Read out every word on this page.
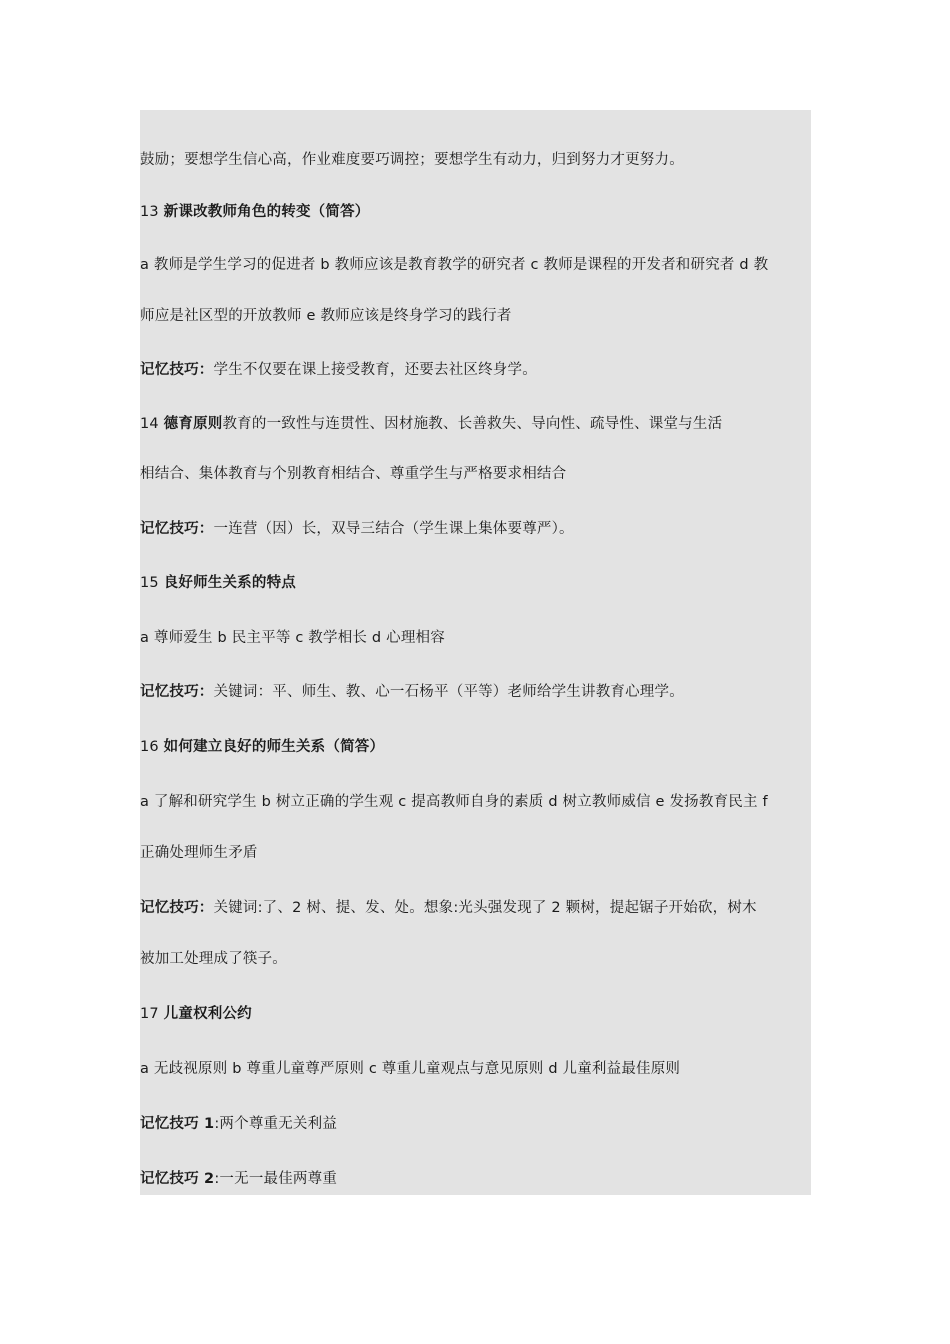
鼓励；要想学生信心高，作业难度要巧调控；要想学生有动力，归到努力才更努力。
13 新课改教师角色的转变（简答）
a 教师是学生学习的促进者 b 教师应该是教育教学的研究者 c 教师是课程的开发者和研究者 d 教
师应是社区型的开放教师 e 教师应该是终身学习的践行者
记忆技巧：学生不仅要在课上接受教育，还要去社区终身学。
14 德育原则教育的一致性与连贯性、因材施教、长善救失、导向性、疏导性、课堂与生活
相结合、集体教育与个别教育相结合、尊重学生与严格要求相结合
记忆技巧：一连营（因）长，双导三结合（学生课上集体要尊严）。
15 良好师生关系的特点
a 尊师爱生 b 民主平等 c 教学相长 d 心理相容
记忆技巧：关键词：平、师生、教、心一石杨平（平等）老师给学生讲教育心理学。
16 如何建立良好的师生关系（简答）
a 了解和研究学生 b 树立正确的学生观 c 提高教师自身的素质 d 树立教师威信 e 发扬教育民主 f
正确处理师生矛盾
记忆技巧：关键词:了、2 树、提、发、处。想象:光头强发现了 2 颗树，提起锯子开始砍，树木
被加工处理成了筷子。
17 儿童权利公约
a 无歧视原则 b 尊重儿童尊严原则 c 尊重儿童观点与意见原则 d 儿童利益最佳原则
记忆技巧 1:两个尊重无关利益
记忆技巧 2:一无一最佳两尊重
